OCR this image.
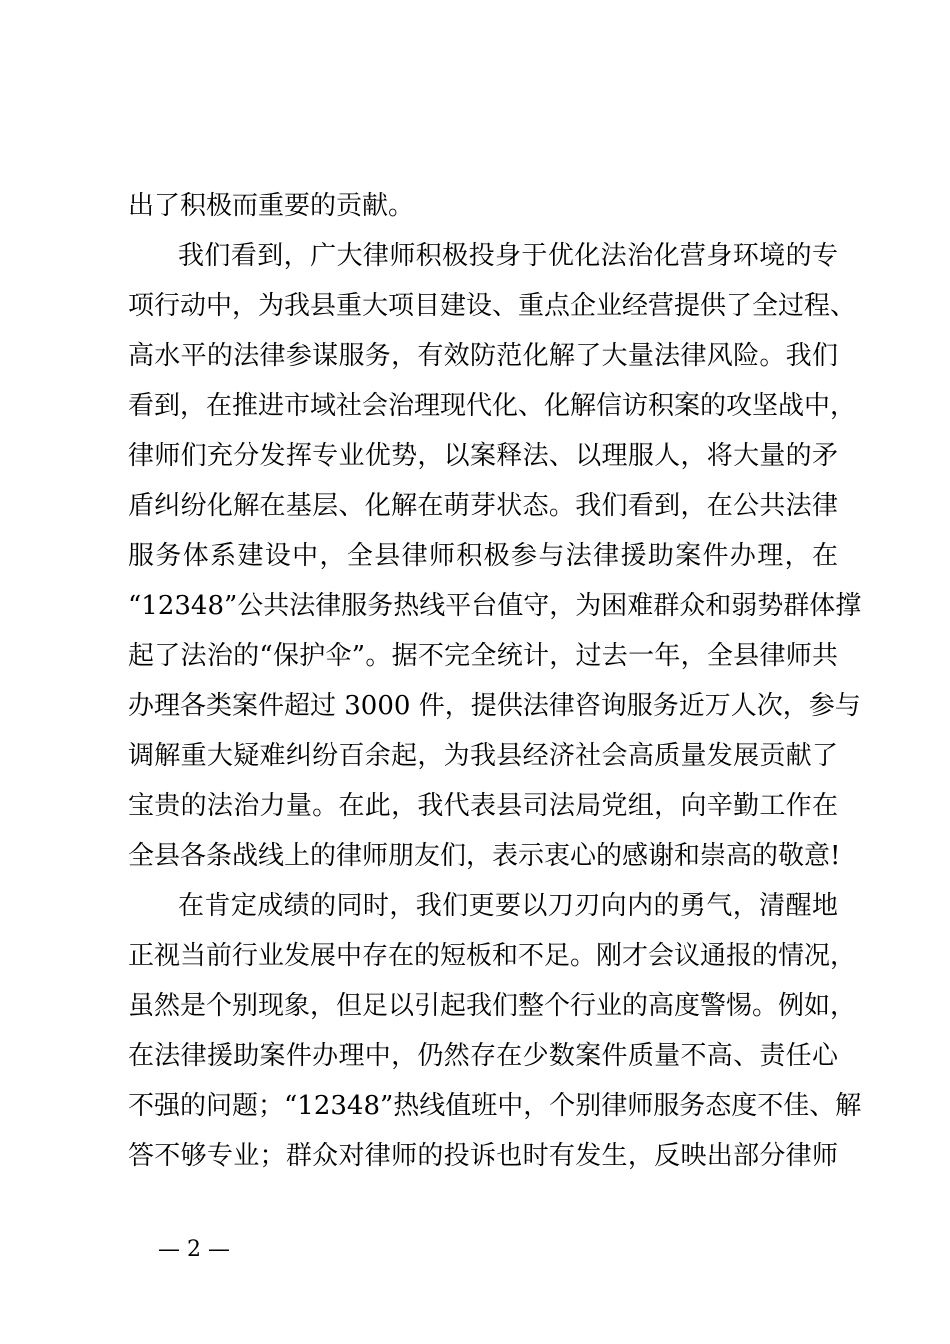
出了积极而重要的贡献。
我们看到，广大律师积极投身于优化法治化营身环境的专
项行动中，为我县重大项目建设、重点企业经营提供了全过程、
高水平的法律参谋服务，有效防范化解了大量法律风险。我们
看到，在推进市域社会治理现代化、化解信访积案的攻坚战中，
律师们充分发挥专业优势，以案释法、以理服人，将大量的矛
盾纠纷化解在基层、化解在萌芽状态。我们看到，在公共法律
服务体系建设中，全县律师积极参与法律援助案件办理，在
“12348”公共法律服务热线平台值守，为困难群众和弱势群体撑
起了法治的“保护伞”。据不完全统计，过去一年，全县律师共
办理各类案件超过 3000 件，提供法律咨询服务近万人次，参与
调解重大疑难纠纷百余起，为我县经济社会高质量发展贡献了
宝贵的法治力量。在此，我代表县司法局党组，向辛勤工作在
全县各条战线上的律师朋友们，表示衷心的感谢和崇高的敬意!
在肯定成绩的同时，我们更要以刀刃向内的勇气，清醒地
正视当前行业发展中存在的短板和不足。刚才会议通报的情况，
虽然是个别现象，但足以引起我们整个行业的高度警惕。例如，
在法律援助案件办理中，仍然存在少数案件质量不高、责任心
不强的问题；“12348”热线值班中，个别律师服务态度不佳、解
答不够专业；群众对律师的投诉也时有发生，反映出部分律师
— 2 —
